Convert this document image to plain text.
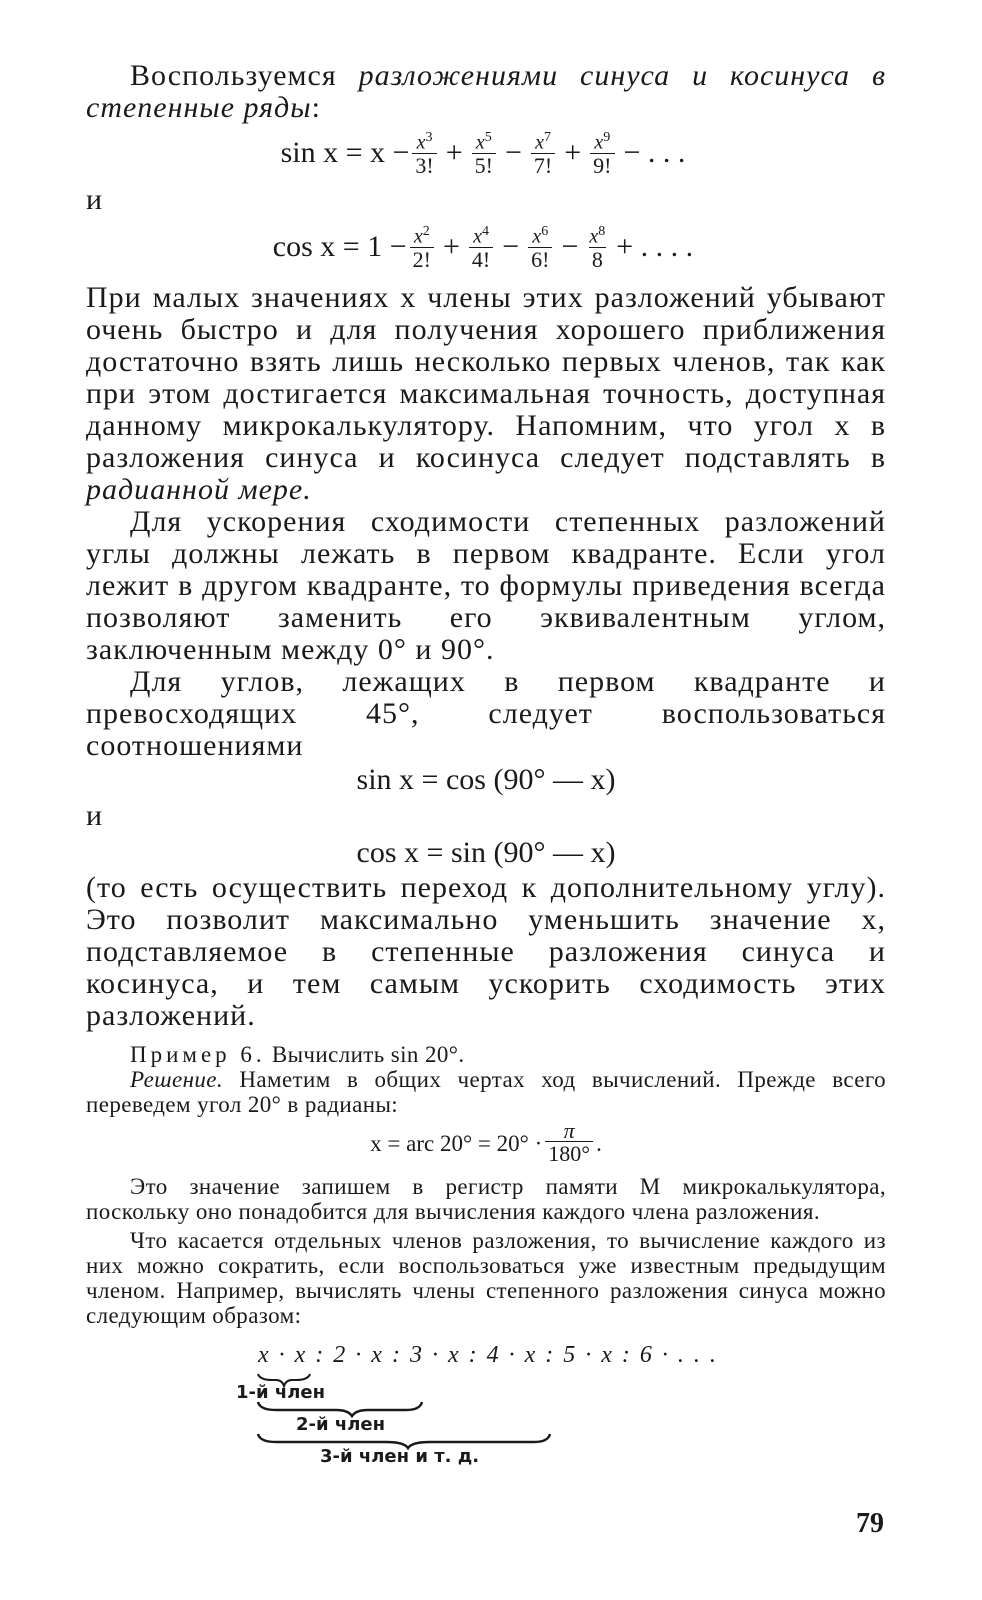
Воспользуемся разложениями синуса и косинуса в степенные ряды:

$\sin x = x - \frac{x^3}{3!} + \frac{x^5}{5!} - \frac{x^7}{7!} + \frac{x^9}{9!}$ − . . .
и
$\cos x = 1 - \frac{x^2}{2!} + \frac{x^4}{4!} - \frac{x^6}{6!} - \frac{x^8}{8}$ + . . . .

При малых значениях x члены этих разложений убывают очень быстро и для получения хорошего приближения достаточно взять лишь несколько первых членов, так как при этом достигается максимальная точность, доступная данному микрокалькулятору. Напомним, что угол x в разложения синуса и косинуса следует подставлять в радианной мере.

Для ускорения сходимости степенных разложений углы должны лежать в первом квадранте. Если угол лежит в другом квадранте, то формулы приведения всегда позволяют заменить его эквивалентным углом, заключенным между 0° и 90°.

Для углов, лежащих в первом квадранте и превосходящих 45°, следует воспользоваться соотношениями

sin x = cos (90° — x)
и
cos x = sin (90° — x)

(то есть осуществить переход к дополнительному углу). Это позволит максимально уменьшить значение x, подставляемое в степенные разложения синуса и косинуса, и тем самым ускорить сходимость этих разложений.

Пример 6. Вычислить sin 20°.

Решение. Наметим в общих чертах ход вычислений. Прежде всего переведем угол 20° в радианы:

x = arc $20^\circ = 20^\circ \cdot \frac{\pi}{180^\circ}$ .

Это значение запишем в регистр памяти М микрокалькулятора, поскольку оно понадобится для вычисления каждого члена разложения.

Что касается отдельных членов разложения, то вычисление каждого из них можно сократить, если воспользоваться уже известным предыдущим членом. Например, вычислять члены степенного разложения синуса можно следующим образом:

x · x : 2 · x : 3 · x : 4 · x : 5 · x : 6 · . . .
1-й член
2-й член
3-й член и т. д.
79
